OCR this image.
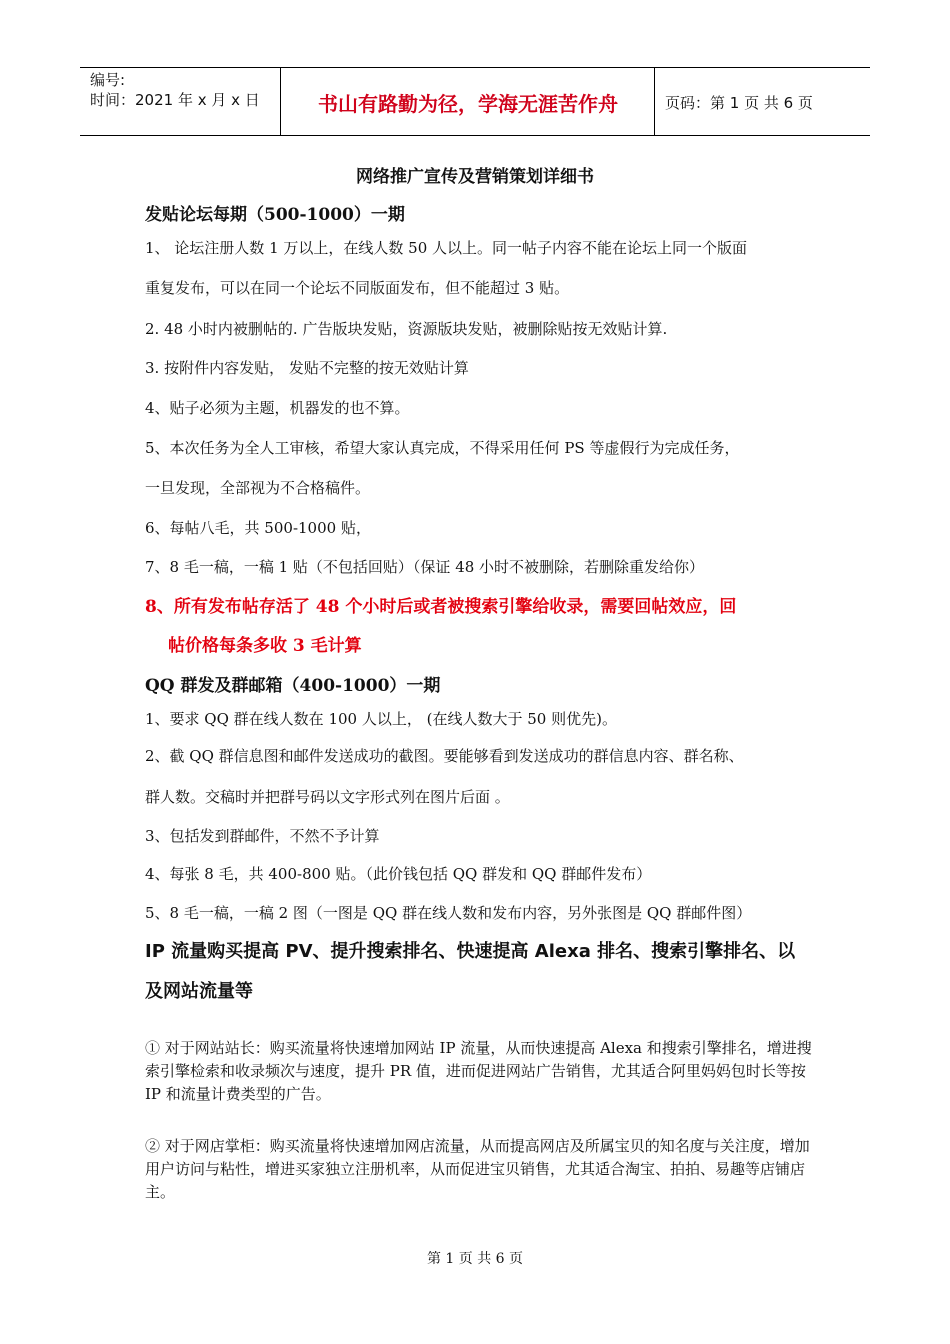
编号:
时间：2021 年 x 月 x 日	书山有路勤为径，学海无涯苦作舟	页码：第 1 页 共 6 页
网络推广宣传及营销策划详细书
发贴论坛每期（500-1000）一期
1、 论坛注册人数 1 万以上，在线人数 50 人以上。同一帖子内容不能在论坛上同一个版面
重复发布，可以在同一个论坛不同版面发布，但不能超过 3 贴。
2. 48 小时内被删帖的. 广告版块发贴，资源版块发贴，被删除贴按无效贴计算.
3. 按附件内容发贴， 发贴不完整的按无效贴计算
4、贴子必须为主题，机器发的也不算。
5、本次任务为全人工审核，希望大家认真完成，不得采用任何 PS 等虚假行为完成任务，
一旦发现，全部视为不合格稿件。
6、每帖八毛，共 500-1000 贴，
7、8 毛一稿，一稿 1 贴（不包括回贴）（保证 48 小时不被删除，若删除重发给你）
8、所有发布帖存活了 48 个小时后或者被搜索引擎给收录，需要回帖效应，回
帖价格每条多收 3 毛计算
QQ 群发及群邮箱（400-1000）一期
1、要求 QQ 群在线人数在 100 人以上， (在线人数大于 50 则优先)。
2、截 QQ 群信息图和邮件发送成功的截图。要能够看到发送成功的群信息内容、群名称、
群人数。交稿时并把群号码以文字形式列在图片后面 。
3、包括发到群邮件，不然不予计算
4、每张 8 毛，共 400-800 贴。（此价钱包括 QQ 群发和 QQ 群邮件发布）
5、8 毛一稿，一稿 2 图（一图是 QQ 群在线人数和发布内容，另外张图是 QQ 群邮件图）
IP 流量购买提高 PV、提升搜索排名、快速提高 Alexa 排名、搜索引擎排名、以
及网站流量等
① 对于网站站长：购买流量将快速增加网站 IP 流量，从而快速提高 Alexa 和搜索引擎排名，增进搜索引擎检索和收录频次与速度，提升 PR 值，进而促进网站广告销售，尤其适合阿里妈妈包时长等按 IP 和流量计费类型的广告。
② 对于网店掌柜：购买流量将快速增加网店流量，从而提高网店及所属宝贝的知名度与关注度，增加用户访问与粘性，增进买家独立注册机率，从而促进宝贝销售，尤其适合淘宝、拍拍、易趣等店铺店主。
第 1 页 共 6 页
